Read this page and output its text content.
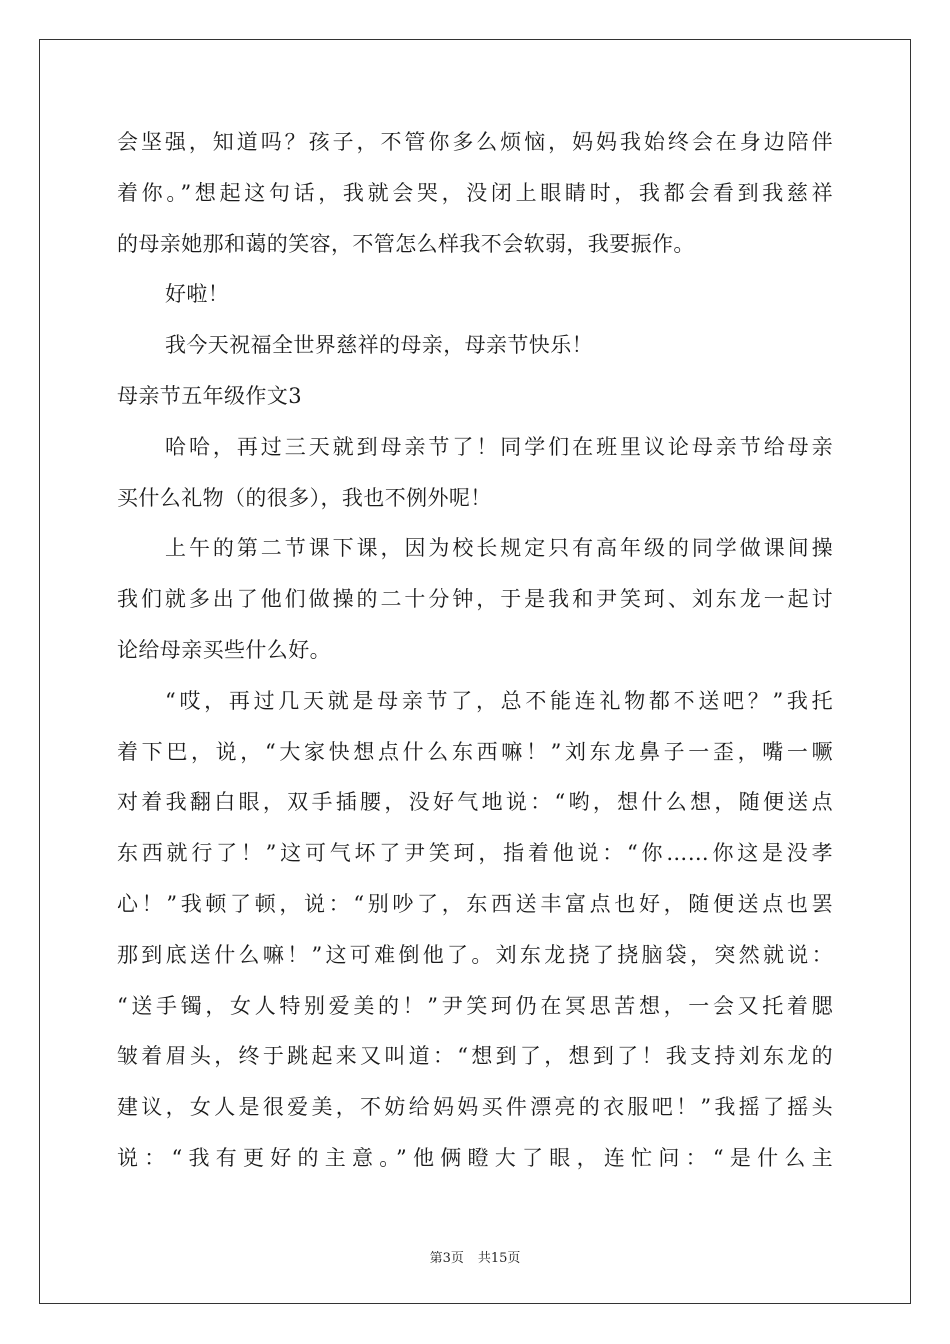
会坚强，知道吗？孩子，不管你多么烦恼，妈妈我始终会在身边陪伴
着你。”想起这句话，我就会哭，没闭上眼睛时，我都会看到我慈祥
的母亲她那和蔼的笑容，不管怎么样我不会软弱，我要振作。
好啦！
我今天祝福全世界慈祥的母亲，母亲节快乐！
母亲节五年级作文3
哈哈，再过三天就到母亲节了！同学们在班里议论母亲节给母亲
买什么礼物（的很多），我也不例外呢！
上午的第二节课下课，因为校长规定只有高年级的同学做课间操
我们就多出了他们做操的二十分钟，于是我和尹笑珂、刘东龙一起讨
论给母亲买些什么好。
“哎，再过几天就是母亲节了，总不能连礼物都不送吧？”我托
着下巴，说，“大家快想点什么东西嘛！”刘东龙鼻子一歪，嘴一噘
对着我翻白眼，双手插腰，没好气地说：“哟，想什么想，随便送点
东西就行了！”这可气坏了尹笑珂，指着他说：“你……你这是没孝
心！”我顿了顿，说：“别吵了，东西送丰富点也好，随便送点也罢
那到底送什么嘛！”这可难倒他了。刘东龙挠了挠脑袋，突然就说：
“送手镯，女人特别爱美的！”尹笑珂仍在冥思苦想，一会又托着腮
皱着眉头，终于跳起来又叫道：“想到了，想到了！我支持刘东龙的
建议，女人是很爱美，不妨给妈妈买件漂亮的衣服吧！”我摇了摇头
说：“我有更好的主意。”他俩瞪大了眼，连忙问：“是什么主
第3页 共15页
